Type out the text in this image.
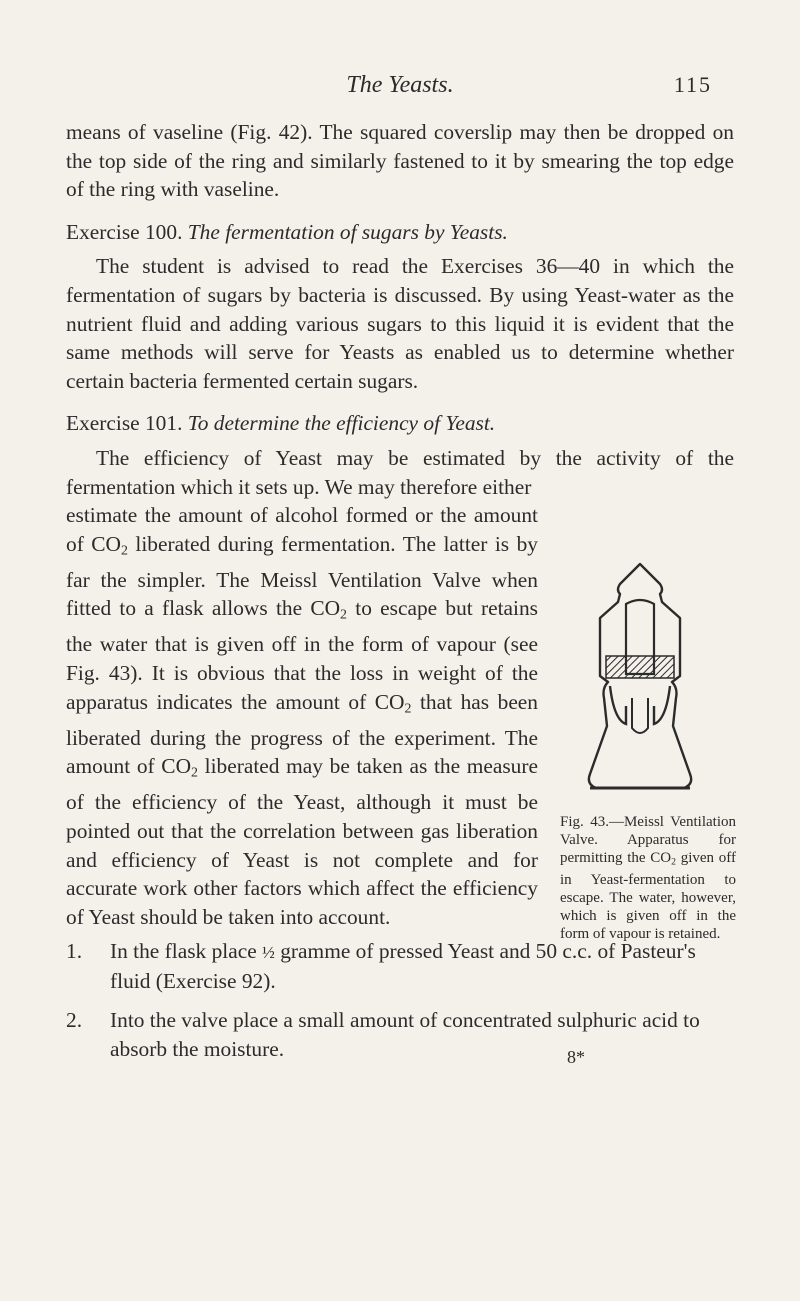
The Yeasts.	115

means of vaseline (Fig. 42). The squared coverslip may then be dropped on the top side of the ring and similarly fastened to it by smearing the top edge of the ring with vaseline.

Exercise 100. The fermentation of sugars by Yeasts.

The student is advised to read the Exercises 36—40 in which the fermentation of sugars by bacteria is discussed. By using Yeast-water as the nutrient fluid and adding various sugars to this liquid it is evident that the same methods will serve for Yeasts as enabled us to determine whether certain bacteria fermented certain sugars.

Exercise 101. To determine the efficiency of Yeast.

The efficiency of Yeast may be estimated by the activity of the fermentation which it sets up. We may therefore either

estimate the amount of alcohol formed or the amount of $CO_2$ liberated during fermentation. The latter is by far the simpler. The Meissl Ventilation Valve when fitted to a flask allows the $CO_2$ to escape but retains the water that is given off in the form of vapour (see Fig. 43). It is obvious that the loss in weight of the apparatus indicates the amount of $CO_2$ that has been liberated during the progress of the experiment. The amount of $CO_2$ liberated may be taken as the measure of the efficiency of the Yeast, although it must be pointed out that the correlation between gas liberation and efficiency of Yeast is not complete and for accurate work other factors which affect the efficiency of Yeast should be taken into account.

Fig. 43.—Meissl Ventilation Valve. Apparatus for permitting the $CO_2$ given off in Yeast-fermentation to escape. The water, however, which is given off in the form of vapour is retained.
1. In the flask place ½ gramme of pressed Yeast and 50 c.c. of Pasteur's fluid (Exercise 92).
2. Into the valve place a small amount of concentrated sulphuric acid to absorb the moisture.	8*
